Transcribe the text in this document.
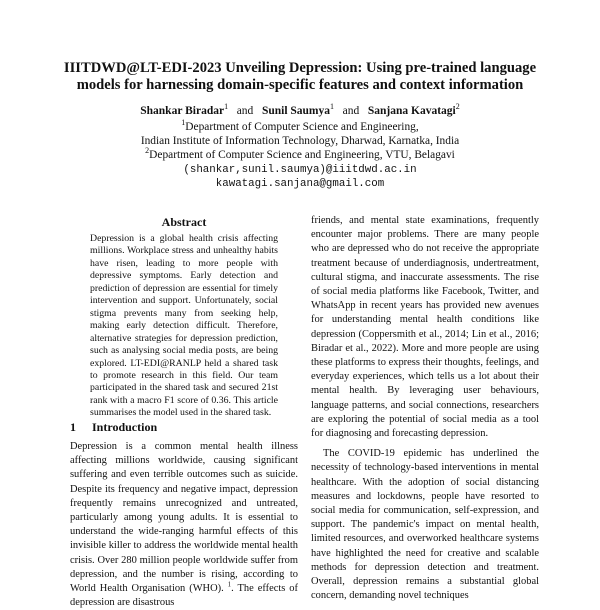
IIITDWD@LT-EDI-2023 Unveiling Depression: Using pre-trained language
models for harnessing domain-specific features and context information
Shankar Biradar$^1$ and Sunil Saumya$^1$ and Sanjana Kavatagi$^2$
$^1$Department of Computer Science and Engineering,
Indian Institute of Information Technology, Dharwad, Karnatka, India
$^2$Department of Computer Science and Engineering, VTU, Belagavi
(shankar,sunil.saumya)@iiitdwd.ac.in
kawatagi.sanjana@gmail.com
Abstract

Depression is a global health crisis affecting millions. Workplace stress and unhealthy habits have risen, leading to more people with depressive symptoms. Early detection and prediction of depression are essential for timely intervention and support. Unfortunately, social stigma prevents many from seeking help, making early detection difficult. Therefore, alternative strategies for depression prediction, such as analysing social media posts, are being explored. LT-EDI@RANLP held a shared task to promote research in this field. Our team participated in the shared task and secured 21st rank with a macro F1 score of 0.36. This article summarises the model used in the shared task.

1 Introduction

Depression is a common mental health illness affecting millions worldwide, causing significant suffering and even terrible outcomes such as suicide. Despite its frequency and negative impact, depression frequently remains unrecognized and untreated, particularly among young adults. It is essential to understand the wide-ranging harmful effects of this invisible killer to address the worldwide mental health crisis. Over 280 million people worldwide suffer from depression, and the number is rising, according to World Health Organisation (WHO). $^1$. The effects of depression are disastrous

friends, and mental state examinations, frequently encounter major problems. There are many people who are depressed who do not receive the appropriate treatment because of underdiagnosis, undertreatment, cultural stigma, and inaccurate assessments. The rise of social media platforms like Facebook, Twitter, and WhatsApp in recent years has provided new avenues for understanding mental health conditions like depression (Coppersmith et al., 2014; Lin et al., 2016; Biradar et al., 2022). More and more people are using these platforms to express their thoughts, feelings, and everyday experiences, which tells us a lot about their mental health. By leveraging user behaviours, language patterns, and social connections, researchers are exploring the potential of social media as a tool for diagnosing and forecasting depression.

The COVID-19 epidemic has underlined the necessity of technology-based interventions in mental healthcare. With the adoption of social distancing measures and lockdowns, people have resorted to social media for communication, self-expression, and support. The pandemic's impact on mental health, limited resources, and overworked healthcare systems have highlighted the need for creative and scalable methods for depression detection and treatment. Overall, depression remains a substantial global concern, demanding novel techniques
